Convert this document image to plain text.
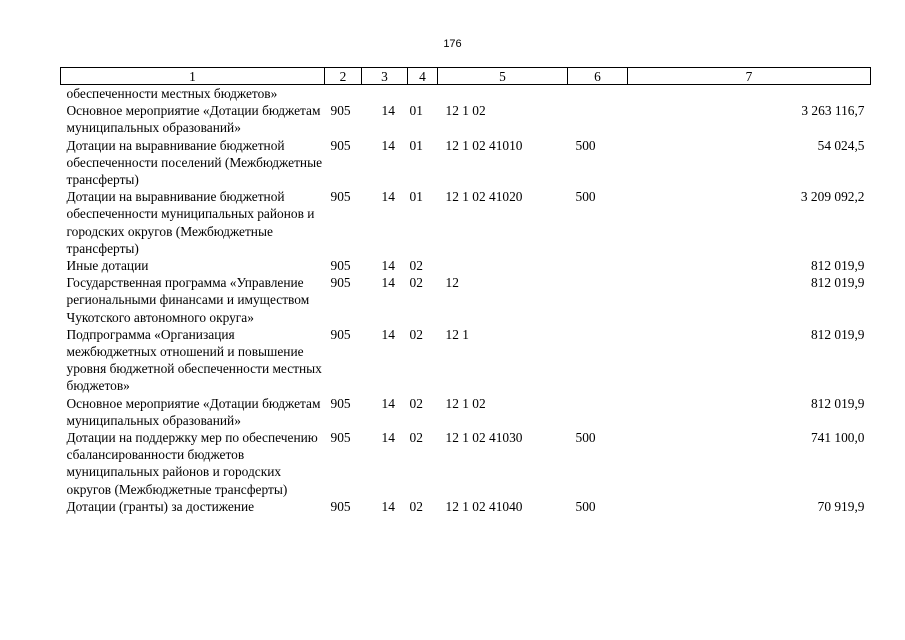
176
1	2	3	4	5	6	7
обеспеченности местных бюджетов»						
Основное мероприятие «Дотации бюджетам муниципальных образований»	905	14	01	12 1 02		3 263 116,7
Дотации на выравнивание бюджетной обеспеченности поселений (Межбюджетные трансферты)	905	14	01	12 1 02 41010	500	54 024,5
Дотации на выравнивание бюджетной обеспеченности муниципальных районов и городских округов (Межбюджетные трансферты)	905	14	01	12 1 02 41020	500	3 209 092,2
Иные дотации	905	14	02			812 019,9
Государственная программа «Управление региональными финансами и имуществом Чукотского автономного округа»	905	14	02	12		812 019,9
Подпрограмма «Организация межбюджетных отношений и повышение уровня бюджетной обеспеченности местных бюджетов»	905	14	02	12 1		812 019,9
Основное мероприятие «Дотации бюджетам муниципальных образований»	905	14	02	12 1 02		812 019,9
Дотации на поддержку мер по обеспечению сбалансированности бюджетов муниципальных районов и городских округов (Межбюджетные трансферты)	905	14	02	12 1 02 41030	500	741 100,0
Дотации (гранты) за достижение	905	14	02	12 1 02 41040	500	70 919,9
